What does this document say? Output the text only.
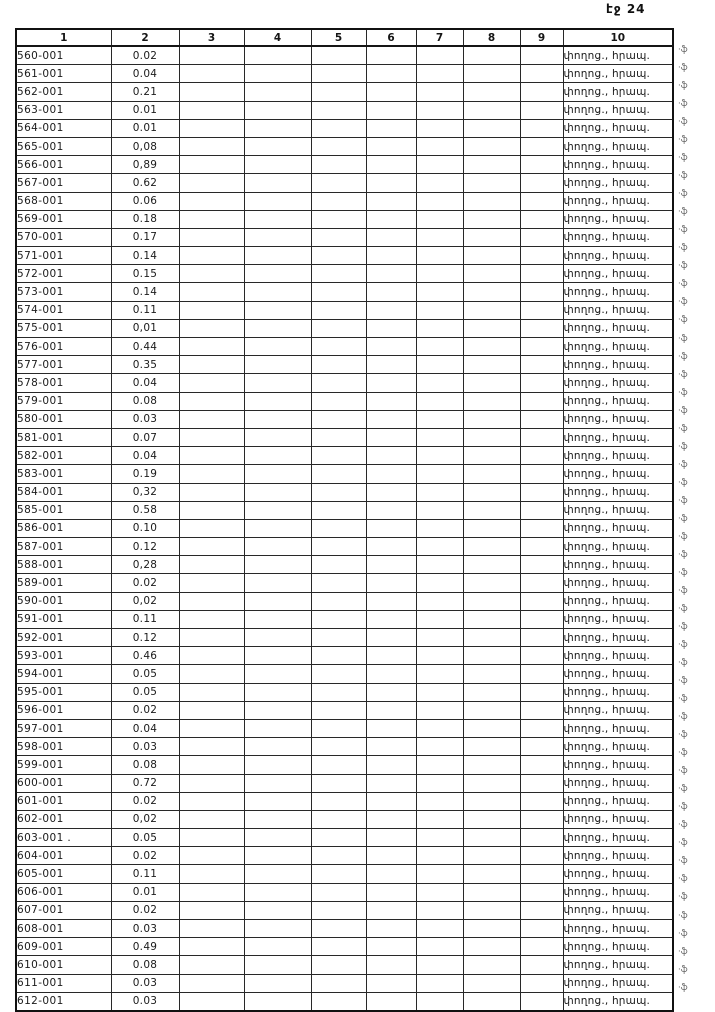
էջ 24
1	2	3	4	5	6	7	8	9	10
560-001	0.02								փողոց., հրապ.
561-001	0.04								փողոց., հրապ.
562-001	0.21								փողոց., հրապ.
563-001	0.01								փողոց., հրապ.
564-001	0.01								փողոց., հրապ.
565-001	0,08								փողոց., հրապ.
566-001	0,89								փողոց., հրապ.
567-001	0.62								փողոց., հրապ.
568-001	0.06								փողոց., հրապ.
569-001	0.18								փողոց., հրապ.
570-001	0.17								փողոց., հրապ.
571-001	0.14								փողոց., հրապ.
572-001	0.15								փողոց., հրապ.
573-001	0.14								փողոց., հրապ.
574-001	0.11								փողոց., հրապ.
575-001	0,01								փողոց., հրապ.
576-001	0.44								փողոց., հրապ.
577-001	0.35								փողոց., հրապ.
578-001	0.04								փողոց., հրապ.
579-001	0.08								փողոց., հրապ.
580-001	0.03								փողոց., հրապ.
581-001	0.07								փողոց., հրապ.
582-001	0.04								փողոց., հրապ.
583-001	0.19								փողոց., հրապ.
584-001	0,32								փողոց., հրապ.
585-001	0.58								փողոց., հրապ.
586-001	0.10								փողոց., հրապ.
587-001	0.12								փողոց., հրապ.
588-001	0,28								փողոց., հրապ.
589-001	0.02								փողոց., հրապ.
590-001	0,02								փողոց., հրապ.
591-001	0.11								փողոց., հրապ.
592-001	0.12								փողոց., հրապ.
593-001	0.46								փողոց., հրապ.
594-001	0.05								փողոց., հրապ.
595-001	0.05								փողոց., հրապ.
596-001	0.02								փողոց., հրապ.
597-001	0.04								փողոց., հրապ.
598-001	0.03								փողոց., հրապ.
599-001	0.08								փողոց., հրապ.
600-001	0.72								փողոց., հրապ.
601-001	0.02								փողոց., հրապ.
602-001	0,02								փողոց., հրապ.
603-001 .	0.05								փողոց., հրապ.
604-001	0.02								փողոց., հրապ.
605-001	0.11								փողոց., հրապ.
606-001	0.01								փողոց., հրապ.
607-001	0.02								փողոց., հրապ.
608-001	0.03								փողոց., հրապ.
609-001	0.49								փողոց., հրապ.
610-001	0.08								փողոց., հրապ.
611-001	0.03								փողոց., հրապ.
612-001	0.03								փողոց., հրապ.
·ֆ
·ֆ
·ֆ
·ֆ
·ֆ
·ֆ
·ֆ
·ֆ
·ֆ
·ֆ
·ֆ
·ֆ
·ֆ
·ֆ
·ֆ
·ֆ
·ֆ
·ֆ
·ֆ
·ֆ
·ֆ
·ֆ
·ֆ
·ֆ
·ֆ
·ֆ
·ֆ
·ֆ
·ֆ
·ֆ
·ֆ
·ֆ
·ֆ
·ֆ
·ֆ
·ֆ
·ֆ
·ֆ
·ֆ
·ֆ
·ֆ
·ֆ
·ֆ
·ֆ
·ֆ
·ֆ
·ֆ
·ֆ
·ֆ
·ֆ
·ֆ
·ֆ
·ֆ
